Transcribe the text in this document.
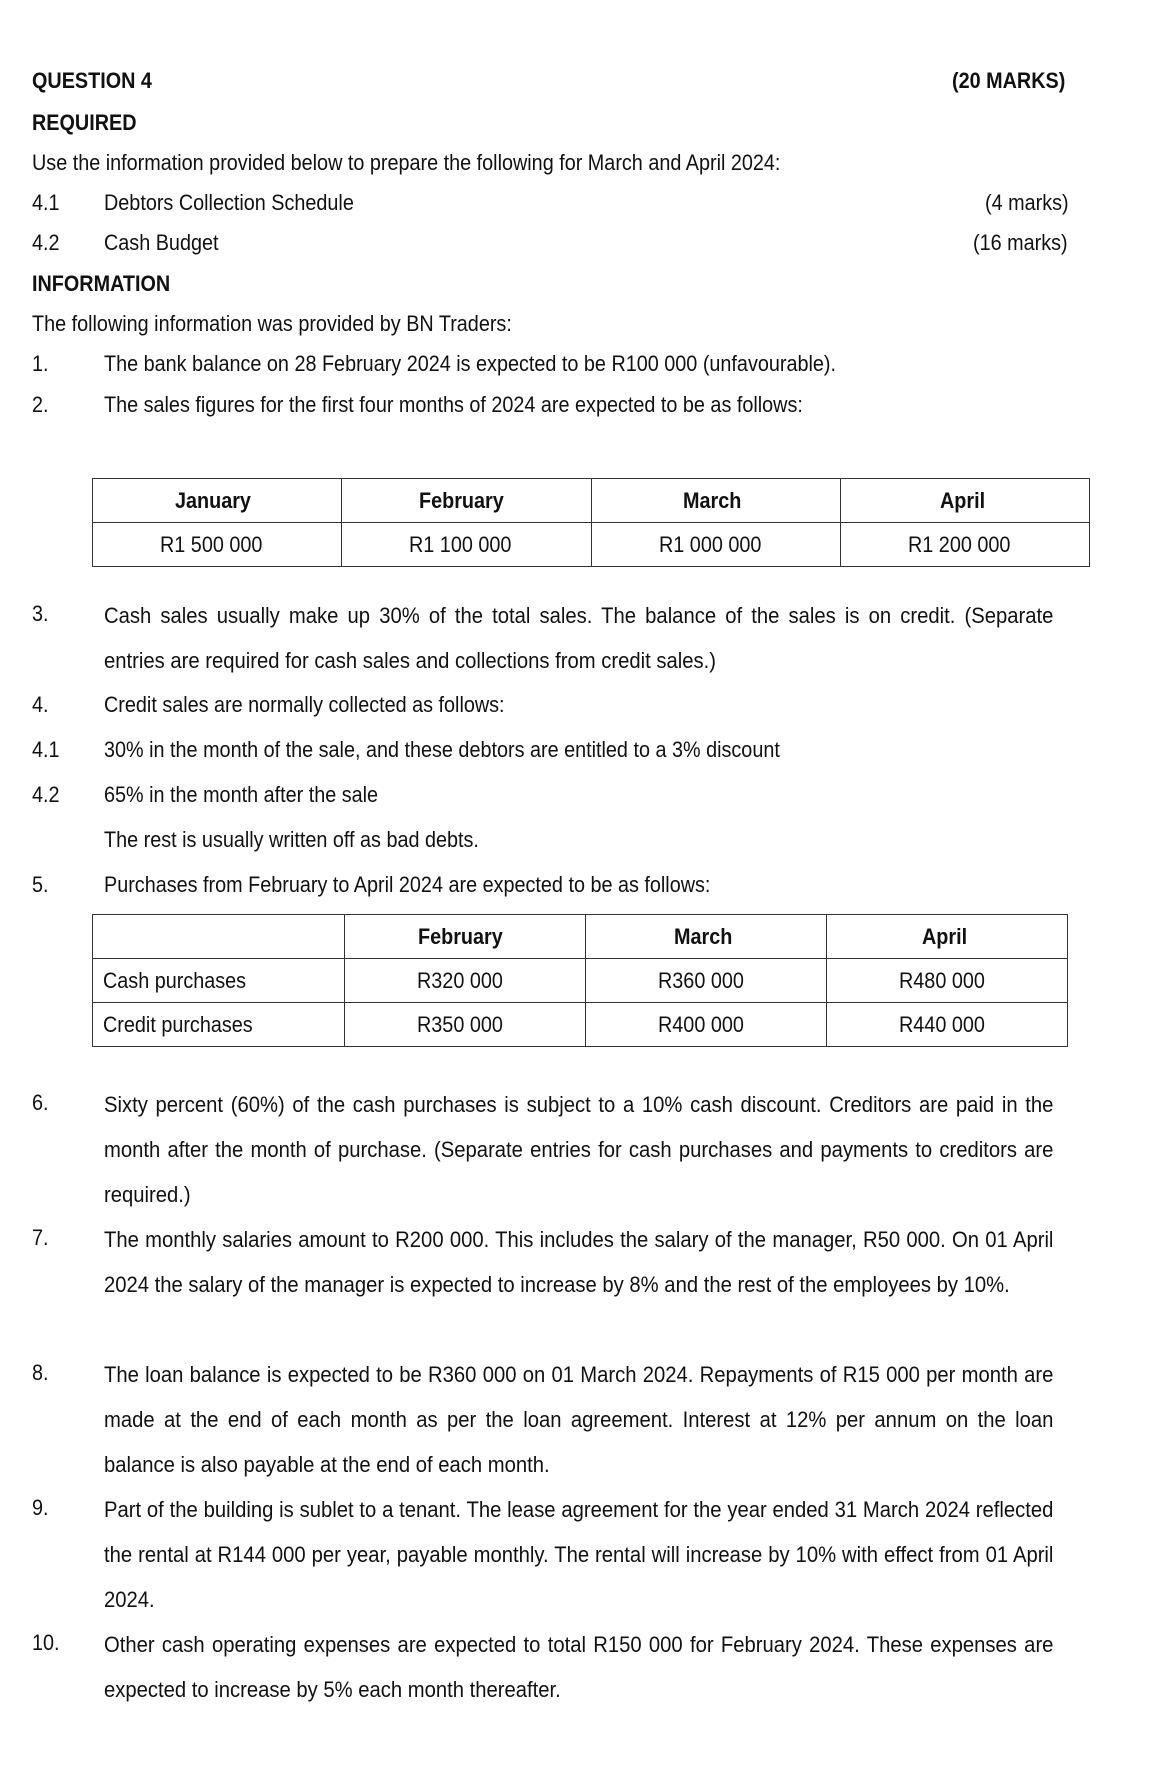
QUESTION 4	(20 MARKS)
REQUIRED
Use the information provided below to prepare the following for March and April 2024:
4.1 Debtors Collection Schedule	(4 marks)
4.2 Cash Budget	(16 marks)
INFORMATION
The following information was provided by BN Traders:
1.	The bank balance on 28 February 2024 is expected to be R100 000 (unfavourable).
2.	The sales figures for the first four months of 2024 are expected to be as follows:
January	February	March	April
R1 500 000	R1 100 000	R1 000 000	R1 200 000
3.	Cash sales usually make up 30% of the total sales. The balance of the sales is on credit. (Separate entries are required for cash sales and collections from credit sales.)
4.	Credit sales are normally collected as follows:
4.1 30% in the month of the sale, and these debtors are entitled to a 3% discount
4.2 65% in the month after the sale
The rest is usually written off as bad debts.
5.	Purchases from February to April 2024 are expected to be as follows:
	February	March	April
Cash purchases	R320 000	R360 000	R480 000
Credit purchases	R350 000	R400 000	R440 000
6.	Sixty percent (60%) of the cash purchases is subject to a 10% cash discount. Creditors are paid in the month after the month of purchase. (Separate entries for cash purchases and payments to creditors are required.)
7.	The monthly salaries amount to R200 000. This includes the salary of the manager, R50 000. On 01 April 2024 the salary of the manager is expected to increase by 8% and the rest of the employees by 10%.
8.	The loan balance is expected to be R360 000 on 01 March 2024. Repayments of R15 000 per month are made at the end of each month as per the loan agreement. Interest at 12% per annum on the loan balance is also payable at the end of each month.
9.	Part of the building is sublet to a tenant. The lease agreement for the year ended 31 March 2024 reflected the rental at R144 000 per year, payable monthly. The rental will increase by 10% with effect from 01 April 2024.
10. Other cash operating expenses are expected to total R150 000 for February 2024. These expenses are expected to increase by 5% each month thereafter.
